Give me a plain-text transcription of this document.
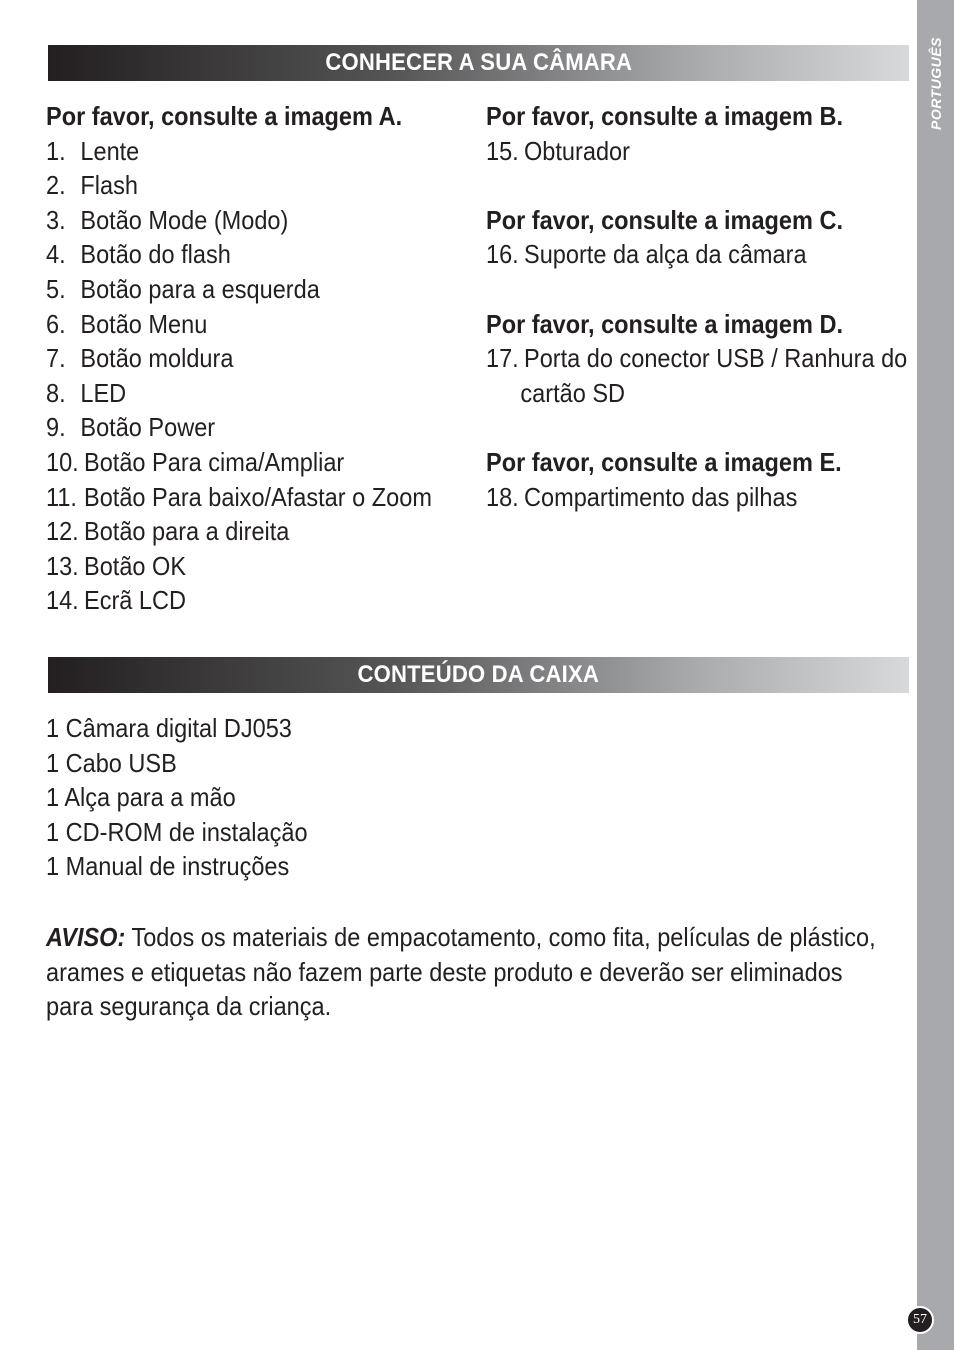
PORTUGUÊS
57
CONHECER A SUA CÂMARA
Por favor, consulte a imagem A.
1. Lente
2. Flash
3. Botão Mode (Modo)
4. Botão do flash
5. Botão para a esquerda
6. Botão Menu
7. Botão moldura
8. LED
9. Botão Power
10. Botão Para cima/Ampliar
11. Botão Para baixo/Afastar o Zoom
12. Botão para a direita
13. Botão OK
14. Ecrã LCD
Por favor, consulte a imagem B.
15. Obturador
Por favor, consulte a imagem C.
16. Suporte da alça da câmara
Por favor, consulte a imagem D.
17. Porta do conector USB / Ranhura do
cartão SD
Por favor, consulte a imagem E.
18. Compartimento das pilhas
CONTEÚDO DA CAIXA
1 Câmara digital DJ053
1 Cabo USB
1 Alça para a mão
1 CD-ROM de instalação
1 Manual de instruções
AVISO: Todos os materiais de empacotamento, como fita, películas de plástico, arames e etiquetas não fazem parte deste produto e deverão ser eliminados para segurança da criança.
